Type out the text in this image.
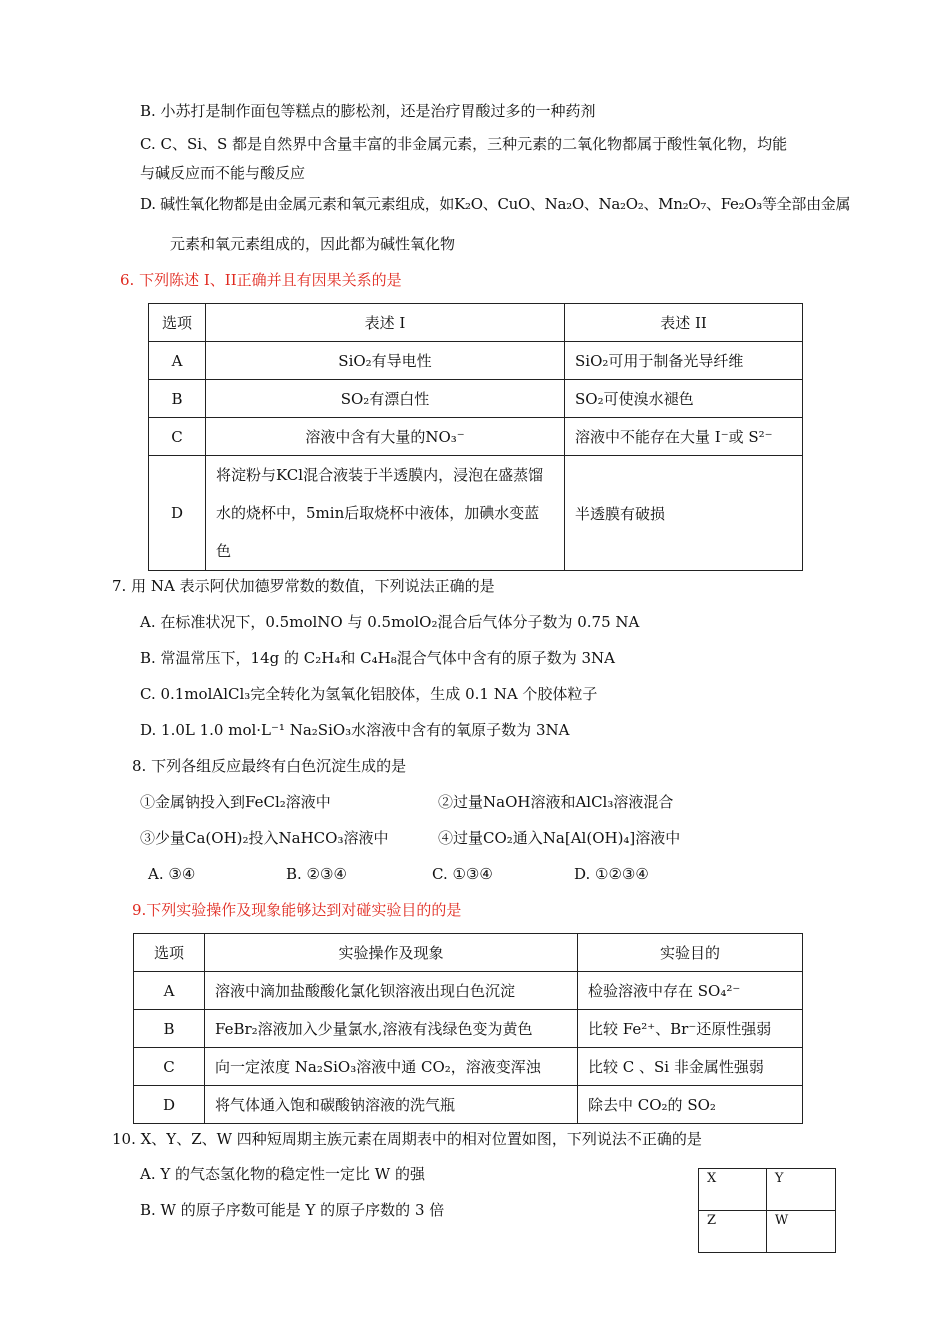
B. 小苏打是制作面包等糕点的膨松剂，还是治疗胃酸过多的一种药剂
C. C、Si、S 都是自然界中含量丰富的非金属元素，三种元素的二氧化物都属于酸性氧化物，均能
与碱反应而不能与酸反应
D. 碱性氧化物都是由金属元素和氧元素组成，如K₂O、CuO、Na₂O、Na₂O₂、Mn₂O₇、Fe₂O₃等全部由金属
元素和氧元素组成的，因此都为碱性氧化物
6. 下列陈述 I、II正确并且有因果关系的是
选项	表述 I	表述 II
A	SiO₂有导电性	SiO₂可用于制备光导纤维
B	SO₂有漂白性	SO₂可使溴水褪色
C	溶液中含有大量的NO₃⁻	溶液中不能存在大量 I⁻或 S²⁻
D	将淀粉与KCl混合液装于半透膜内，浸泡在盛蒸馏水的烧杯中，5min后取烧杯中液体，加碘水变蓝色	半透膜有破损
7. 用 NA 表示阿伏加德罗常数的数值，下列说法正确的是
A. 在标准状况下，0.5molNO 与 0.5molO₂混合后气体分子数为 0.75 NA
B. 常温常压下，14g 的 C₂H₄和 C₄H₈混合气体中含有的原子数为 3NA
C. 0.1molAlCl₃完全转化为氢氧化铝胶体，生成 0.1 NA 个胶体粒子
D. 1.0L 1.0 mol·L⁻¹ Na₂SiO₃水溶液中含有的氧原子数为 3NA
8. 下列各组反应最终有白色沉淀生成的是
①金属钠投入到FeCl₂溶液中	②过量NaOH溶液和AlCl₃溶液混合
③少量Ca(OH)₂投入NaHCO₃溶液中	④过量CO₂通入Na[Al(OH)₄]溶液中
A. ③④	B. ②③④	C. ①③④	D. ①②③④
9.下列实验操作及现象能够达到对碰实验目的的是
选项	实验操作及现象	实验目的
A	溶液中滴加盐酸酸化氯化钡溶液出现白色沉淀	检验溶液中存在 SO₄²⁻
B	FeBr₂溶液加入少量氯水,溶液有浅绿色变为黄色	比较 Fe²⁺、Br⁻还原性强弱
C	向一定浓度 Na₂SiO₃溶液中通 CO₂，溶液变浑浊	比较 C 、Si 非金属性强弱
D	将气体通入饱和碳酸钠溶液的洗气瓶	除去中 CO₂的 SO₂
10. X、Y、Z、W 四种短周期主族元素在周期表中的相对位置如图，下列说法不正确的是
A. Y 的气态氢化物的稳定性一定比 W 的强
B. W 的原子序数可能是 Y 的原子序数的 3 倍
X	Y
Z	W
